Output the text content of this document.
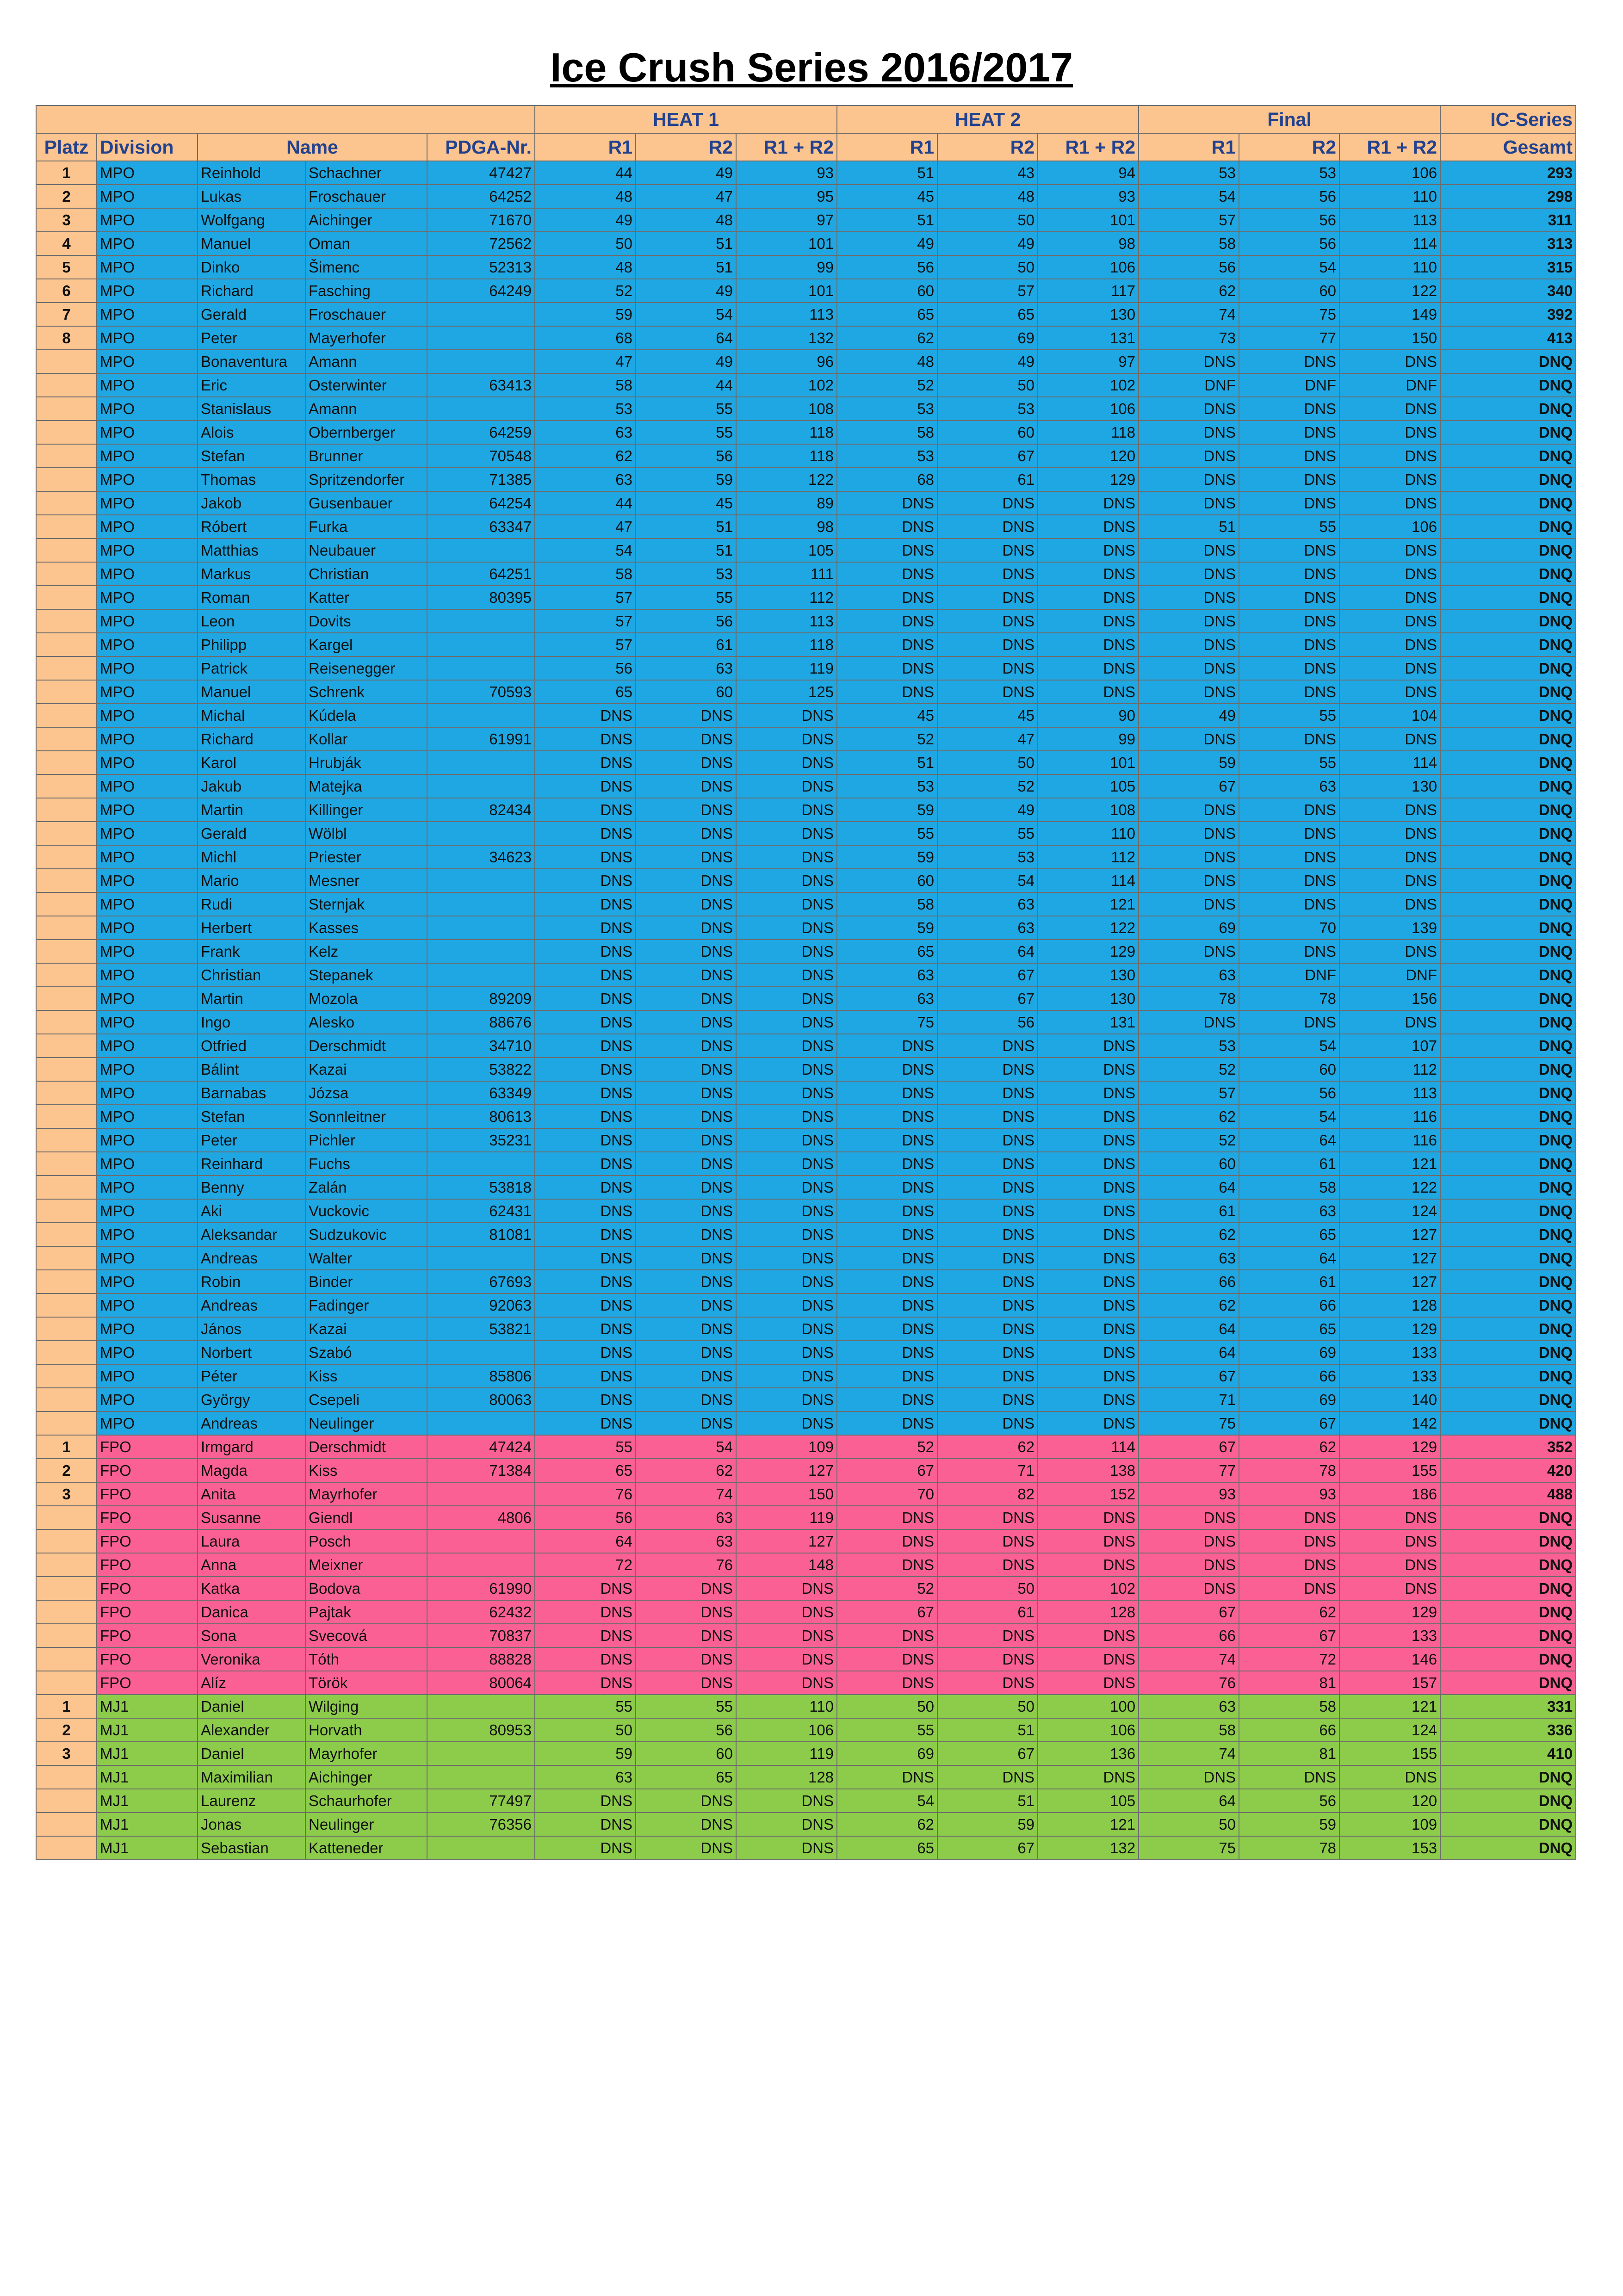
Ice Crush Series 2016/2017
					HEAT 1			HEAT 2			Final			IC-Series
Platz	Division	Name		PDGA-Nr.	R1	R2	R1 + R2	R1	R2	R1 + R2	R1	R2	R1 + R2	Gesamt
1	MPO	Reinhold	Schachner	47427	44	49	93	51	43	94	53	53	106	293
2	MPO	Lukas	Froschauer	64252	48	47	95	45	48	93	54	56	110	298
3	MPO	Wolfgang	Aichinger	71670	49	48	97	51	50	101	57	56	113	311
4	MPO	Manuel	Oman	72562	50	51	101	49	49	98	58	56	114	313
5	MPO	Dinko	Šimenc	52313	48	51	99	56	50	106	56	54	110	315
6	MPO	Richard	Fasching	64249	52	49	101	60	57	117	62	60	122	340
7	MPO	Gerald	Froschauer		59	54	113	65	65	130	74	75	149	392
8	MPO	Peter	Mayerhofer		68	64	132	62	69	131	73	77	150	413
	MPO	Bonaventura	Amann		47	49	96	48	49	97	DNS	DNS	DNS	DNQ
	MPO	Eric	Osterwinter	63413	58	44	102	52	50	102	DNF	DNF	DNF	DNQ
	MPO	Stanislaus	Amann		53	55	108	53	53	106	DNS	DNS	DNS	DNQ
	MPO	Alois	Obernberger	64259	63	55	118	58	60	118	DNS	DNS	DNS	DNQ
	MPO	Stefan	Brunner	70548	62	56	118	53	67	120	DNS	DNS	DNS	DNQ
	MPO	Thomas	Spritzendorfer	71385	63	59	122	68	61	129	DNS	DNS	DNS	DNQ
	MPO	Jakob	Gusenbauer	64254	44	45	89	DNS	DNS	DNS	DNS	DNS	DNS	DNQ
	MPO	Róbert	Furka	63347	47	51	98	DNS	DNS	DNS	51	55	106	DNQ
	MPO	Matthias	Neubauer		54	51	105	DNS	DNS	DNS	DNS	DNS	DNS	DNQ
	MPO	Markus	Christian	64251	58	53	111	DNS	DNS	DNS	DNS	DNS	DNS	DNQ
	MPO	Roman	Katter	80395	57	55	112	DNS	DNS	DNS	DNS	DNS	DNS	DNQ
	MPO	Leon	Dovits		57	56	113	DNS	DNS	DNS	DNS	DNS	DNS	DNQ
	MPO	Philipp	Kargel		57	61	118	DNS	DNS	DNS	DNS	DNS	DNS	DNQ
	MPO	Patrick	Reisenegger		56	63	119	DNS	DNS	DNS	DNS	DNS	DNS	DNQ
	MPO	Manuel	Schrenk	70593	65	60	125	DNS	DNS	DNS	DNS	DNS	DNS	DNQ
	MPO	Michal	Kúdela		DNS	DNS	DNS	45	45	90	49	55	104	DNQ
	MPO	Richard	Kollar	61991	DNS	DNS	DNS	52	47	99	DNS	DNS	DNS	DNQ
	MPO	Karol	Hrubják		DNS	DNS	DNS	51	50	101	59	55	114	DNQ
	MPO	Jakub	Matejka		DNS	DNS	DNS	53	52	105	67	63	130	DNQ
	MPO	Martin	Killinger	82434	DNS	DNS	DNS	59	49	108	DNS	DNS	DNS	DNQ
	MPO	Gerald	Wölbl		DNS	DNS	DNS	55	55	110	DNS	DNS	DNS	DNQ
	MPO	Michl	Priester	34623	DNS	DNS	DNS	59	53	112	DNS	DNS	DNS	DNQ
	MPO	Mario	Mesner		DNS	DNS	DNS	60	54	114	DNS	DNS	DNS	DNQ
	MPO	Rudi	Sternjak		DNS	DNS	DNS	58	63	121	DNS	DNS	DNS	DNQ
	MPO	Herbert	Kasses		DNS	DNS	DNS	59	63	122	69	70	139	DNQ
	MPO	Frank	Kelz		DNS	DNS	DNS	65	64	129	DNS	DNS	DNS	DNQ
	MPO	Christian	Stepanek		DNS	DNS	DNS	63	67	130	63	DNF	DNF	DNQ
	MPO	Martin	Mozola	89209	DNS	DNS	DNS	63	67	130	78	78	156	DNQ
	MPO	Ingo	Alesko	88676	DNS	DNS	DNS	75	56	131	DNS	DNS	DNS	DNQ
	MPO	Otfried	Derschmidt	34710	DNS	DNS	DNS	DNS	DNS	DNS	53	54	107	DNQ
	MPO	Bálint	Kazai	53822	DNS	DNS	DNS	DNS	DNS	DNS	52	60	112	DNQ
	MPO	Barnabas	Józsa	63349	DNS	DNS	DNS	DNS	DNS	DNS	57	56	113	DNQ
	MPO	Stefan	Sonnleitner	80613	DNS	DNS	DNS	DNS	DNS	DNS	62	54	116	DNQ
	MPO	Peter	Pichler	35231	DNS	DNS	DNS	DNS	DNS	DNS	52	64	116	DNQ
	MPO	Reinhard	Fuchs		DNS	DNS	DNS	DNS	DNS	DNS	60	61	121	DNQ
	MPO	Benny	Zalán	53818	DNS	DNS	DNS	DNS	DNS	DNS	64	58	122	DNQ
	MPO	Aki	Vuckovic	62431	DNS	DNS	DNS	DNS	DNS	DNS	61	63	124	DNQ
	MPO	Aleksandar	Sudzukovic	81081	DNS	DNS	DNS	DNS	DNS	DNS	62	65	127	DNQ
	MPO	Andreas	Walter		DNS	DNS	DNS	DNS	DNS	DNS	63	64	127	DNQ
	MPO	Robin	Binder	67693	DNS	DNS	DNS	DNS	DNS	DNS	66	61	127	DNQ
	MPO	Andreas	Fadinger	92063	DNS	DNS	DNS	DNS	DNS	DNS	62	66	128	DNQ
	MPO	János	Kazai	53821	DNS	DNS	DNS	DNS	DNS	DNS	64	65	129	DNQ
	MPO	Norbert	Szabó		DNS	DNS	DNS	DNS	DNS	DNS	64	69	133	DNQ
	MPO	Péter	Kiss	85806	DNS	DNS	DNS	DNS	DNS	DNS	67	66	133	DNQ
	MPO	György	Csepeli	80063	DNS	DNS	DNS	DNS	DNS	DNS	71	69	140	DNQ
	MPO	Andreas	Neulinger		DNS	DNS	DNS	DNS	DNS	DNS	75	67	142	DNQ
1	FPO	Irmgard	Derschmidt	47424	55	54	109	52	62	114	67	62	129	352
2	FPO	Magda	Kiss	71384	65	62	127	67	71	138	77	78	155	420
3	FPO	Anita	Mayrhofer		76	74	150	70	82	152	93	93	186	488
	FPO	Susanne	Giendl	4806	56	63	119	DNS	DNS	DNS	DNS	DNS	DNS	DNQ
	FPO	Laura	Posch		64	63	127	DNS	DNS	DNS	DNS	DNS	DNS	DNQ
	FPO	Anna	Meixner		72	76	148	DNS	DNS	DNS	DNS	DNS	DNS	DNQ
	FPO	Katka	Bodova	61990	DNS	DNS	DNS	52	50	102	DNS	DNS	DNS	DNQ
	FPO	Danica	Pajtak	62432	DNS	DNS	DNS	67	61	128	67	62	129	DNQ
	FPO	Sona	Svecová	70837	DNS	DNS	DNS	DNS	DNS	DNS	66	67	133	DNQ
	FPO	Veronika	Tóth	88828	DNS	DNS	DNS	DNS	DNS	DNS	74	72	146	DNQ
	FPO	Alíz	Török	80064	DNS	DNS	DNS	DNS	DNS	DNS	76	81	157	DNQ
1	MJ1	Daniel	Wilging		55	55	110	50	50	100	63	58	121	331
2	MJ1	Alexander	Horvath	80953	50	56	106	55	51	106	58	66	124	336
3	MJ1	Daniel	Mayrhofer		59	60	119	69	67	136	74	81	155	410
	MJ1	Maximilian	Aichinger		63	65	128	DNS	DNS	DNS	DNS	DNS	DNS	DNQ
	MJ1	Laurenz	Schaurhofer	77497	DNS	DNS	DNS	54	51	105	64	56	120	DNQ
	MJ1	Jonas	Neulinger	76356	DNS	DNS	DNS	62	59	121	50	59	109	DNQ
	MJ1	Sebastian	Katteneder		DNS	DNS	DNS	65	67	132	75	78	153	DNQ
